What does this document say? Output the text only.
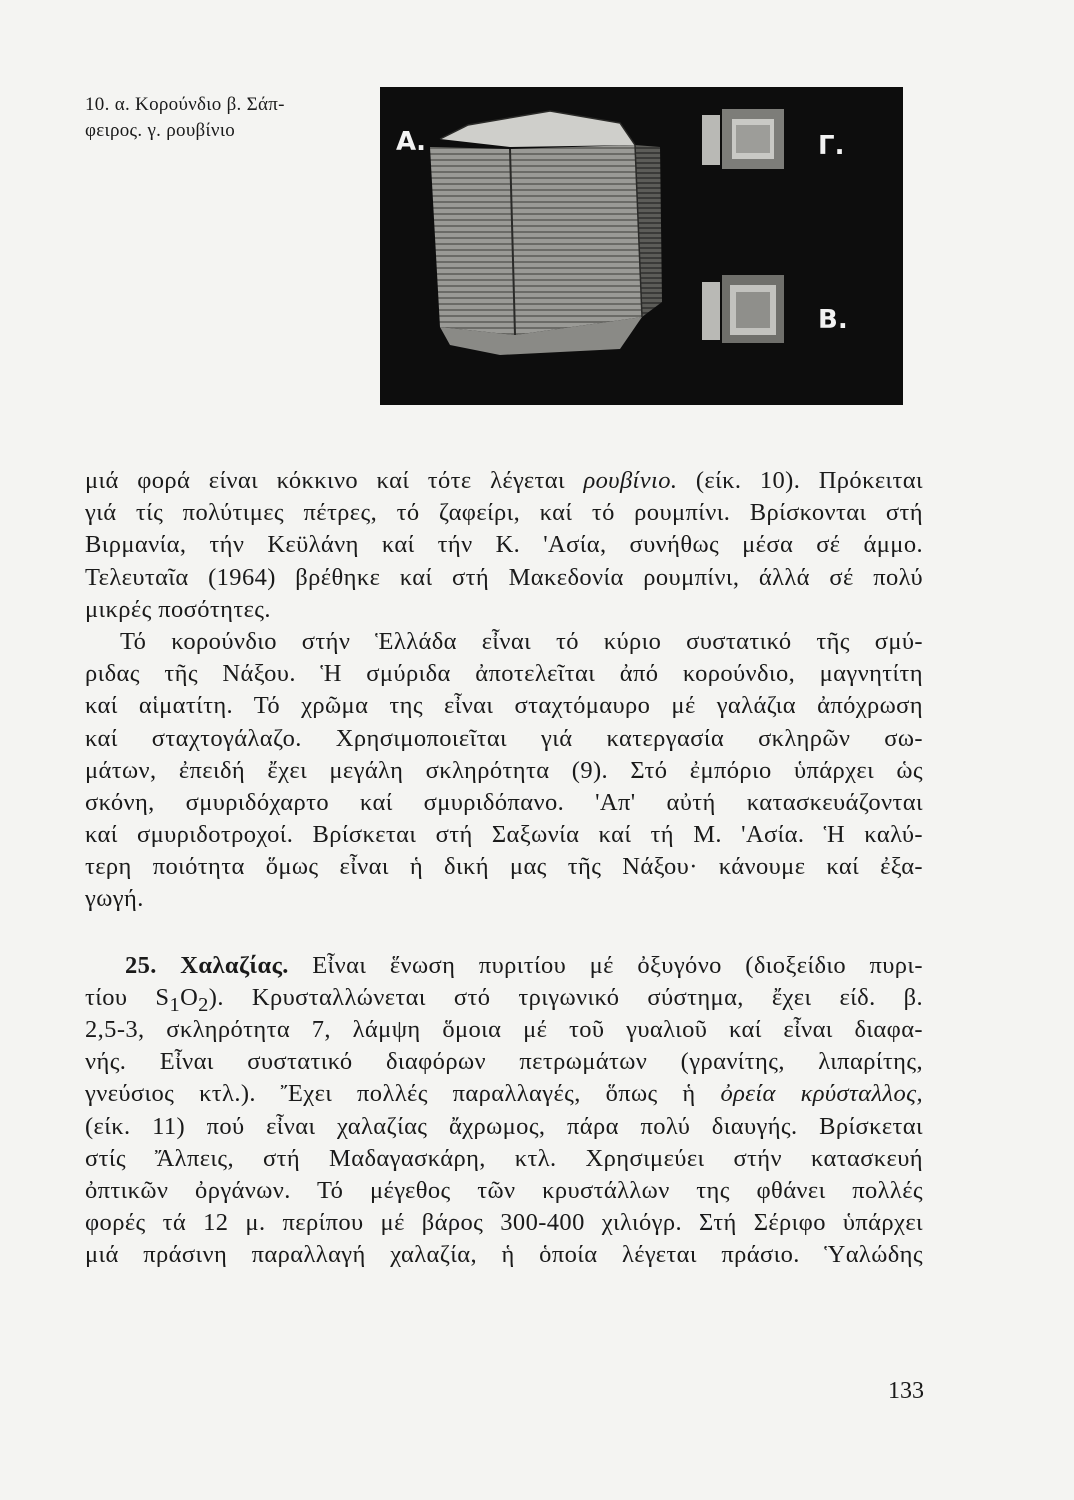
10. α. Κορούνδιο β. Σάπ-
φειρος. γ. ρουβίνιο	Α.	Γ.
Β.
μιά φορά είναι κόκκινο καί τότε λέγεται ρουβίνιο. (είκ. 10). Πρόκειται
γιά τίς πολύτιμες πέτρες, τό ζαφείρι, καί τό ρουμπίνι. Βρίσκονται στή
Βιρμανία, τήν Κεϋλάνη καί τήν Κ. 'Ασία, συνήθως μέσα σέ άμμο.
Τελευταῖα (1964) βρέθηκε καί στή Μακεδονία ρουμπίνι, άλλά σέ πολύ
μικρές ποσότητες.
Τό κορούνδιο στήν Ἑλλάδα εἶναι τό κύριο συστατικό τῆς σμύ-
ριδας τῆς Νάξου. Ἡ σμύριδα ἀποτελεῖται ἀπό κορούνδιο, μαγνητίτη
καί αἱματίτη. Τό χρῶμα της εἶναι σταχτόμαυρο μέ γαλάζια ἀπόχρωση
καί σταχτογάλαζο. Χρησιμοποιεῖται γιά κατεργασία σκληρῶν σω-
μάτων, ἐπειδή ἔχει μεγάλη σκληρότητα (9). Στό ἐμπόριο ὑπάρχει ὡς
σκόνη, σμυριδόχαρτο καί σμυριδόπανο. 'Απ' αὐτή κατασκευάζονται
καί σμυριδοτροχοί. Βρίσκεται στή Σαξωνία καί τή Μ. 'Ασία. Ἡ καλύ-
τερη ποιότητα ὅμως εἶναι ἡ δική μας τῆς Νάξου· κάνουμε καί ἐξα-
γωγή.
25. Χαλαζίας. Εἶναι ἕνωση πυριτίου μέ ὀξυγόνο (διοξείδιο πυρι-
τίου $S_1O_2$). Κρυσταλλώνεται στό τριγωνικό σύστημα, ἔχει είδ. β.
2,5-3, σκληρότητα 7, λάμψη ὅμοια μέ τοῦ γυαλιοῦ καί εἶναι διαφα-
νής. Εἶναι συστατικό διαφόρων πετρωμάτων (γρανίτης, λιπαρίτης,
γνεύσιος κτλ.). Ἔχει πολλές παραλλαγές, ὅπως ἡ ὀρεία κρύσταλλος,
(είκ. 11) πού εἶναι χαλαζίας ἄχρωμος, πάρα πολύ διαυγής. Βρίσκεται
στίς Ἄλπεις, στή Μαδαγασκάρη, κτλ. Χρησιμεύει στήν κατασκευή
ὀπτικῶν ὀργάνων. Τό μέγεθος τῶν κρυστάλλων της φθάνει πολλές
φορές τά 12 μ. περίπου μέ βάρος 300-400 χιλιόγρ. Στή Σέριφο ὑπάρχει
μιά πράσινη παραλλαγή χαλαζία, ἡ ὁποία λέγεται πράσιο. Ὑαλώδης
133
